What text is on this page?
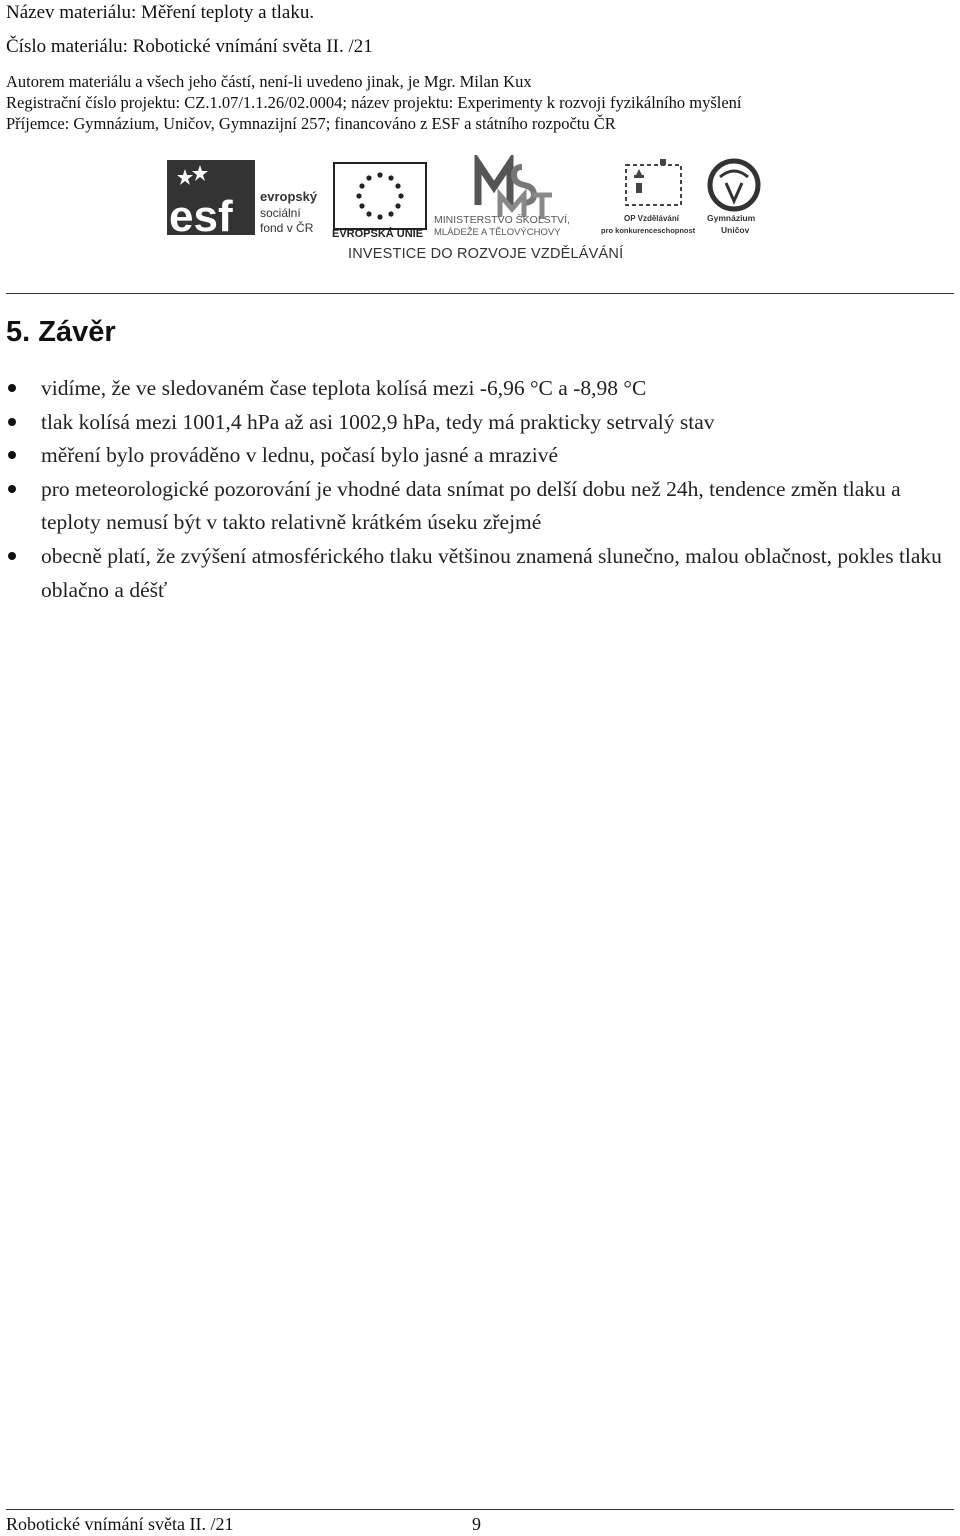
Název materiálu: Měření teploty a tlaku.
Číslo materiálu: Robotické vnímání světa II. /21
Autorem materiálu a všech jeho částí, není-li uvedeno jinak, je Mgr. Milan Kux
Registrační číslo projektu: CZ.1.07/1.1.26/02.0004; název projektu: Experimenty k rozvoji fyzikálního myšlení
Příjemce: Gymnázium, Uničov, Gymnazijní 257; financováno z ESF a státního rozpočtu ČR
esf evropský
sociální
fond v ČR EVROPSKÁ UNIE
MINISTERSTVO ŠKOLSTVÍ,
MLÁDEŽE A TĚLOVÝCHOVY
OP Vzdělávání
pro konkurenceschopnost
Gymnázium
Uničov
INVESTICE DO ROZVOJE VZDĚLÁVÁNÍ
5. Závěr
vidíme, že ve sledovaném čase teplota kolísá mezi -6,96 °C a -8,98 °C
tlak kolísá mezi 1001,4 hPa až asi 1002,9 hPa, tedy má prakticky setrvalý stav
měření bylo prováděno v lednu, počasí bylo jasné a mrazivé
pro meteorologické pozorování je vhodné data snímat po delší dobu než 24h, tendence změn tlaku a teploty nemusí být v takto relativně krátkém úseku zřejmé
obecně platí, že zvýšení atmosférického tlaku většinou znamená slunečno, malou oblačnost, pokles tlaku oblačno a déšť
Robotické vnímání světa II. /21	9
